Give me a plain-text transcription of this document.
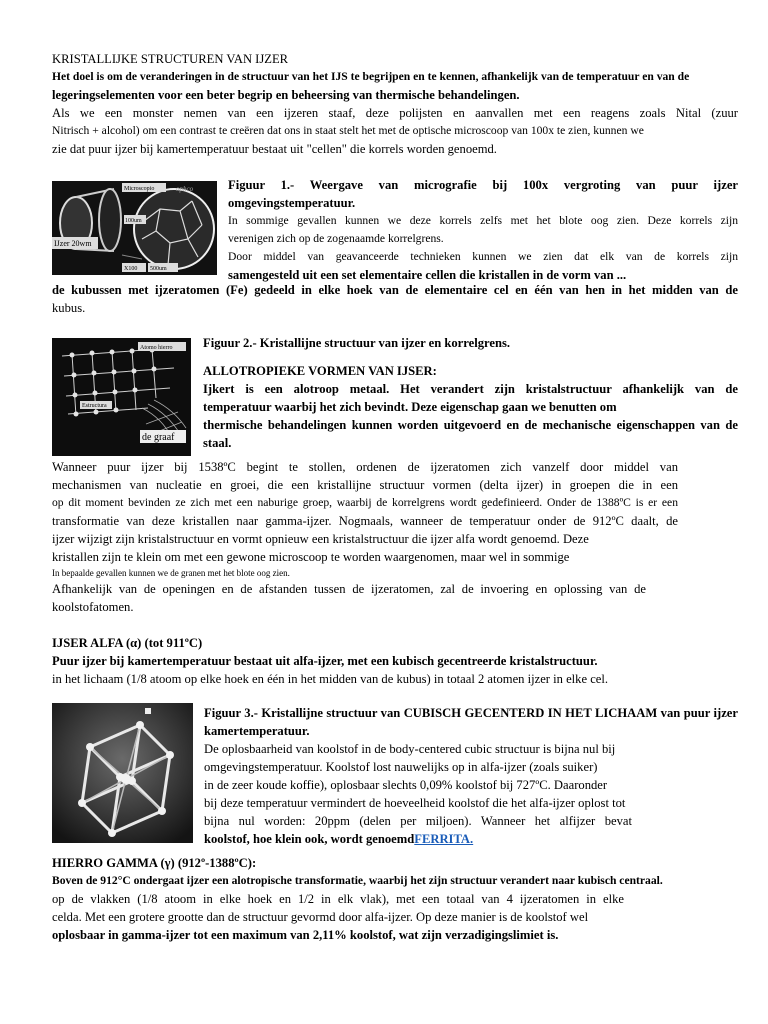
KRISTALLIJKE STRUCTUREN VAN IJZER

Het doel is om de veranderingen in de structuur van het IJS te begrijpen en te kennen, afhankelijk van de temperatuur en van de

legeringselementen voor een beter begrip en beheersing van thermische behandelingen.

Als we een monster nemen van een ijzeren staaf, deze polijsten en aanvallen met een reagens zoals Nital (zuur

Nitrisch + alcohol) om een contrast te creëren dat ons in staat stelt het met de optische microscoop van 100x te zien, kunnen we

zie dat puur ijzer bij kamertemperatuur bestaat uit "cellen" die korrels worden genoemd.

Microscopio	ophco
100um
IJzer 20wm
X100 500um

Figuur 1.- Weergave van micrografie bij 100x vergroting van puur ijzer

omgevingstemperatuur.

In sommige gevallen kunnen we deze korrels zelfs met het blote oog zien. Deze korrels zijn

verenigen zich op de zogenaamde korrelgrens.

Door middel van geavanceerde technieken kunnen we zien dat elk van de korrels zijn

samengesteld uit een set elementaire cellen die kristallen in de vorm van ...

de kubussen met ijzeratomen (Fe) gedeeld in elke hoek van de elementaire cel en één van hen in het midden van de

kubus.

Atomo hierro
Estructura
de graaf

Figuur 2.- Kristallijne structuur van ijzer en korrelgrens.

ALLOTROPIEKE VORMEN VAN IJSER:

Ijkert is een alotroop metaal. Het verandert zijn kristalstructuur afhankelijk van de

temperatuur waarbij het zich bevindt. Deze eigenschap gaan we benutten om

thermische behandelingen kunnen worden uitgevoerd en de mechanische eigenschappen van de

staal.

Wanneer puur ijzer bij 1538ºC begint te stollen, ordenen de ijzeratomen zich vanzelf door middel van

mechanismen van nucleatie en groei, die een kristallijne structuur vormen (delta ijzer) in groepen die in een

op dit moment bevinden ze zich met een naburige groep, waarbij de korrelgrens wordt gedefinieerd. Onder de 1388ºC is er een

transformatie van deze kristallen naar gamma-ijzer. Nogmaals, wanneer de temperatuur onder de 912ºC daalt, de

ijzer wijzigt zijn kristalstructuur en vormt opnieuw een kristalstructuur die ijzer alfa wordt genoemd. Deze

kristallen zijn te klein om met een gewone microscoop te worden waargenomen, maar wel in sommige

In bepaalde gevallen kunnen we de granen met het blote oog zien.

Afhankelijk van de openingen en de afstanden tussen de ijzeratomen, zal de invoering en oplossing van de

koolstofatomen.

IJSER ALFA (α) (tot 911ºC)

Puur ijzer bij kamertemperatuur bestaat uit alfa-ijzer, met een kubisch gecentreerde kristalstructuur.

in het lichaam (1/8 atoom op elke hoek en één in het midden van de kubus) in totaal 2 atomen ijzer in elke cel.

Figuur 3.- Kristallijne structuur van CUBISCH GECENTERD IN HET LICHAAM van puur ijzer

kamertemperatuur.

De oplosbaarheid van koolstof in de body-centered cubic structuur is bijna nul bij

omgevingstemperatuur. Koolstof lost nauwelijks op in alfa-ijzer (zoals suiker)

in de zeer koude koffie), oplosbaar slechts 0,09% koolstof bij 727ºC. Daaronder

bij deze temperatuur vermindert de hoeveelheid koolstof die het alfa-ijzer oplost tot

bijna nul worden: 20ppm (delen per miljoen). Wanneer het alfijzer bevat

koolstof, hoe klein ook, wordt genoemdFERRITA.

HIERRO GAMMA (γ) (912º-1388ºC):

Boven de 912°C ondergaat ijzer een alotropische transformatie, waarbij het zijn structuur verandert naar kubisch centraal.

op de vlakken (1/8 atoom in elke hoek en 1/2 in elk vlak), met een totaal van 4 ijzeratomen in elke

celda. Met een grotere grootte dan de structuur gevormd door alfa-ijzer. Op deze manier is de koolstof wel

oplosbaar in gamma-ijzer tot een maximum van 2,11% koolstof, wat zijn verzadigingslimiet is.
